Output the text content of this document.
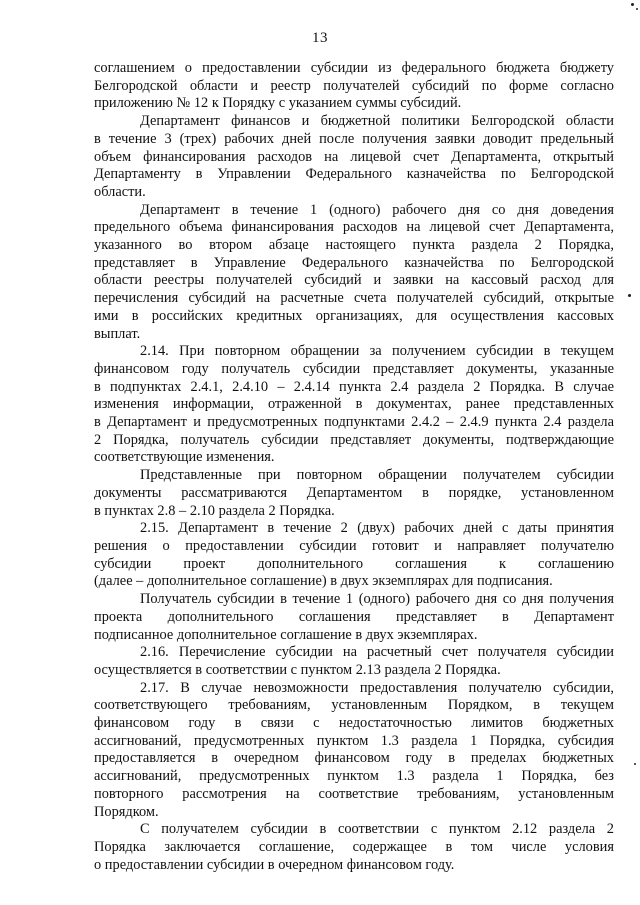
13
соглашением о предоставлении субсидии из федерального бюджета бюджету
Белгородской области и реестр получателей субсидий по форме согласно
приложению № 12 к Порядку с указанием суммы субсидий.
Департамент финансов и бюджетной политики Белгородской области
в течение 3 (трех) рабочих дней после получения заявки доводит предельный
объем финансирования расходов на лицевой счет Департамента, открытый
Департаменту в Управлении Федерального казначейства по Белгородской
области.
Департамент в течение 1 (одного) рабочего дня со дня доведения
предельного объема финансирования расходов на лицевой счет Департамента,
указанного во втором абзаце настоящего пункта раздела 2 Порядка,
представляет в Управление Федерального казначейства по Белгородской
области реестры получателей субсидий и заявки на кассовый расход для
перечисления субсидий на расчетные счета получателей субсидий, открытые
ими в российских кредитных организациях, для осуществления кассовых
выплат.
2.14. При повторном обращении за получением субсидии в текущем
финансовом году получатель субсидии представляет документы, указанные
в подпунктах 2.4.1, 2.4.10 – 2.4.14 пункта 2.4 раздела 2 Порядка. В случае
изменения информации, отраженной в документах, ранее представленных
в Департамент и предусмотренных подпунктами 2.4.2 – 2.4.9 пункта 2.4 раздела
2 Порядка, получатель субсидии представляет документы, подтверждающие
соответствующие изменения.
Представленные при повторном обращении получателем субсидии
документы рассматриваются Департаментом в порядке, установленном
в пунктах 2.8 – 2.10 раздела 2 Порядка.
2.15. Департамент в течение 2 (двух) рабочих дней с даты принятия
решения о предоставлении субсидии готовит и направляет получателю
субсидии проект дополнительного соглашения к соглашению
(далее – дополнительное соглашение) в двух экземплярах для подписания.
Получатель субсидии в течение 1 (одного) рабочего дня со дня получения
проекта дополнительного соглашения представляет в Департамент
подписанное дополнительное соглашение в двух экземплярах.
2.16. Перечисление субсидии на расчетный счет получателя субсидии
осуществляется в соответствии с пунктом 2.13 раздела 2 Порядка.
2.17. В случае невозможности предоставления получателю субсидии,
соответствующего требованиям, установленным Порядком, в текущем
финансовом году в связи с недостаточностью лимитов бюджетных
ассигнований, предусмотренных пунктом 1.3 раздела 1 Порядка, субсидия
предоставляется в очередном финансовом году в пределах бюджетных
ассигнований, предусмотренных пунктом 1.3 раздела 1 Порядка, без
повторного рассмотрения на соответствие требованиям, установленным
Порядком.
С получателем субсидии в соответствии с пунктом 2.12 раздела 2
Порядка заключается соглашение, содержащее в том числе условия
о предоставлении субсидии в очередном финансовом году.
